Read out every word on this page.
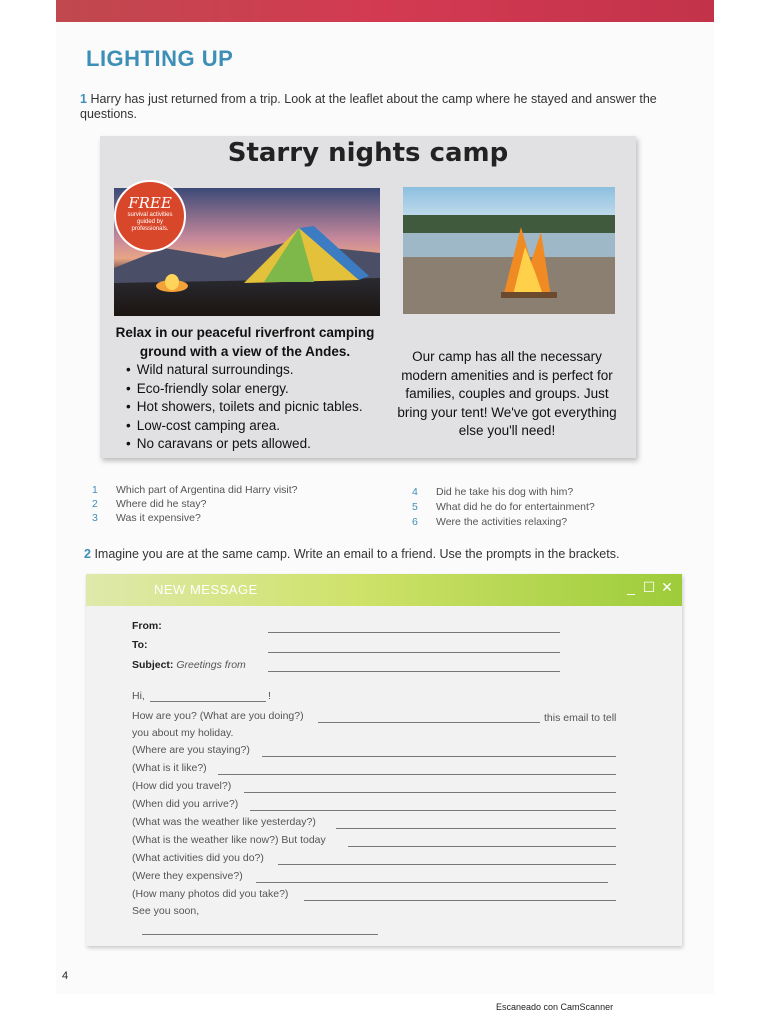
LIGHTING UP
1 Harry has just returned from a trip. Look at the leaflet about the camp where he stayed and answer the questions.
Starry nights camp
FREE
survival activities guided by professionals.
Relax in our peaceful riverfront camping ground with a view of the Andes.
• Wild natural surroundings.
• Eco-friendly solar energy.
• Hot showers, toilets and picnic tables.
• Low-cost camping area.
• No caravans or pets allowed.
Our camp has all the necessary modern amenities and is perfect for families, couples and groups. Just bring your tent! We've got everything else you'll need!
1 Which part of Argentina did Harry visit?
2 Where did he stay?
3 Was it expensive?
4 Did he take his dog with him?
5 What did he do for entertainment?
6 Were the activities relaxing?
2 Imagine you are at the same camp. Write an email to a friend. Use the prompts in the brackets.
NEW MESSAGE	_ ☐ ✕
From:
To:
Subject: Greetings from
Hi,	!
How are you? (What are you doing?)	this email to tell
you about my holiday.
(Where are you staying?)
(What is it like?)
(How did you travel?)
(When did you arrive?)
(What was the weather like yesterday?)
(What is the weather like now?) But today
(What activities did you do?)
(Were they expensive?)
(How many photos did you take?)
See you soon,
4
Escaneado con CamScanner
